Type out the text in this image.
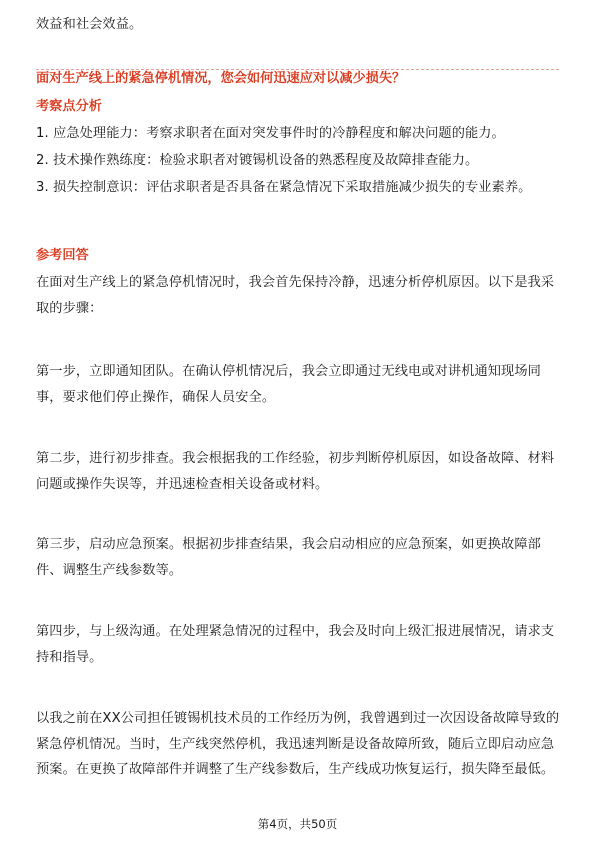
效益和社会效益。
面对生产线上的紧急停机情况，您会如何迅速应对以减少损失？
考察点分析
1. 应急处理能力：考察求职者在面对突发事件时的冷静程度和解决问题的能力。
2. 技术操作熟练度：检验求职者对镀锡机设备的熟悉程度及故障排查能力。
3. 损失控制意识：评估求职者是否具备在紧急情况下采取措施减少损失的专业素养。
参考回答
在面对生产线上的紧急停机情况时，我会首先保持冷静，迅速分析停机原因。以下是我采取的步骤：
第一步，立即通知团队。在确认停机情况后，我会立即通过无线电或对讲机通知现场同事，要求他们停止操作，确保人员安全。
第二步，进行初步排查。我会根据我的工作经验，初步判断停机原因，如设备故障、材料问题或操作失误等，并迅速检查相关设备或材料。
第三步，启动应急预案。根据初步排查结果，我会启动相应的应急预案，如更换故障部件、调整生产线参数等。
第四步，与上级沟通。在处理紧急情况的过程中，我会及时向上级汇报进展情况，请求支持和指导。
以我之前在XX公司担任镀锡机技术员的工作经历为例，我曾遇到过一次因设备故障导致的紧急停机情况。当时，生产线突然停机，我迅速判断是设备故障所致，随后立即启动应急预案。在更换了故障部件并调整了生产线参数后，生产线成功恢复运行，损失降至最低。
第4页，共50页
